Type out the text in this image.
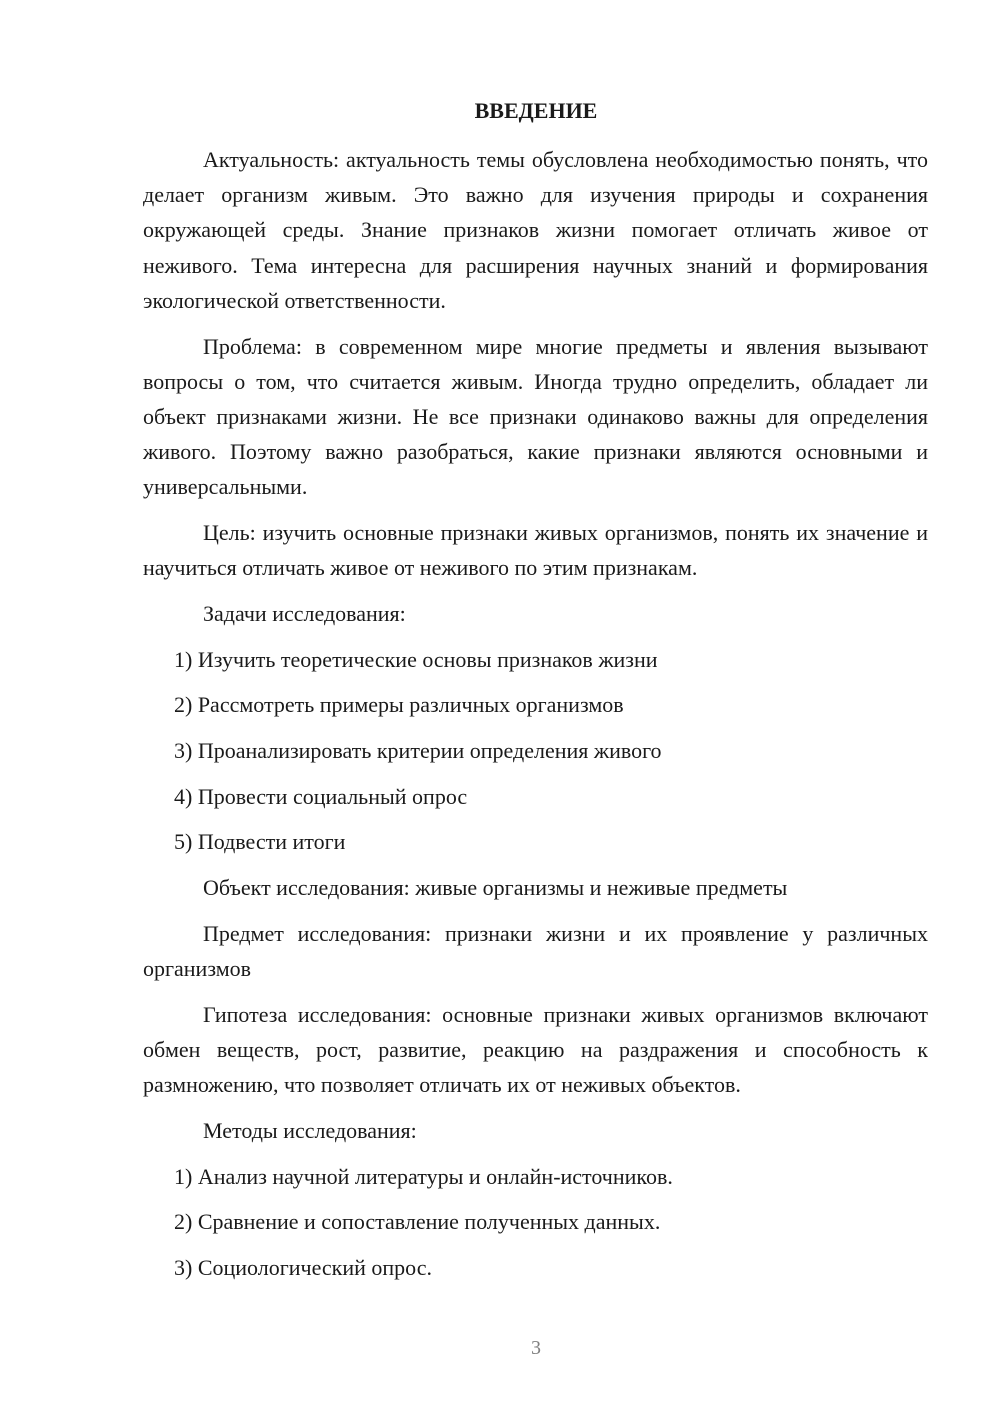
ВВЕДЕНИЕ

Актуальность: актуальность темы обусловлена необходимостью понять, что делает организм живым. Это важно для изучения природы и сохранения окружающей среды. Знание признаков жизни помогает отличать живое от неживого. Тема интересна для расширения научных знаний и формирования экологической ответственности.

Проблема: в современном мире многие предметы и явления вызывают вопросы о том, что считается живым. Иногда трудно определить, обладает ли объект признаками жизни. Не все признаки одинаково важны для определения живого. Поэтому важно разобраться, какие признаки являются основными и универсальными.

Цель: изучить основные признаки живых организмов, понять их значение и научиться отличать живое от неживого по этим признакам.

Задачи исследования:

1) Изучить теоретические основы признаков жизни

2) Рассмотреть примеры различных организмов

3) Проанализировать критерии определения живого

4) Провести социальный опрос

5) Подвести итоги

Объект исследования: живые организмы и неживые предметы

Предмет исследования: признаки жизни и их проявление у различных организмов

Гипотеза исследования: основные признаки живых организмов включают обмен веществ, рост, развитие, реакцию на раздражения и способность к размножению, что позволяет отличать их от неживых объектов.

Методы исследования:

1) Анализ научной литературы и онлайн-источников.

2) Сравнение и сопоставление полученных данных.

3) Социологический опрос.

3
